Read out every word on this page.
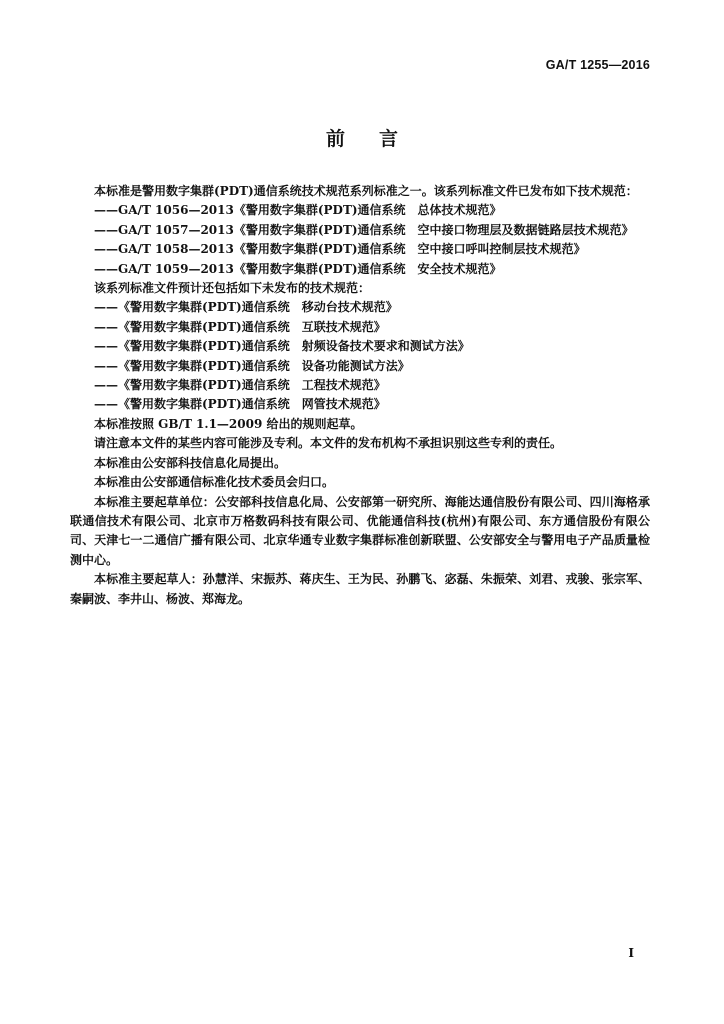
GA/T 1255—2016
前言

本标准是警用数字集群(PDT)通信系统技术规范系列标准之一。该系列标准文件已发布如下技术规范：

——GA/T 1056—2013《警用数字集群(PDT)通信系统　总体技术规范》

——GA/T 1057—2013《警用数字集群(PDT)通信系统　空中接口物理层及数据链路层技术规范》

——GA/T 1058—2013《警用数字集群(PDT)通信系统　空中接口呼叫控制层技术规范》

——GA/T 1059—2013《警用数字集群(PDT)通信系统　安全技术规范》

该系列标准文件预计还包括如下未发布的技术规范：

——《警用数字集群(PDT)通信系统　移动台技术规范》

——《警用数字集群(PDT)通信系统　互联技术规范》

——《警用数字集群(PDT)通信系统　射频设备技术要求和测试方法》

——《警用数字集群(PDT)通信系统　设备功能测试方法》

——《警用数字集群(PDT)通信系统　工程技术规范》

——《警用数字集群(PDT)通信系统　网管技术规范》

本标准按照 GB/T 1.1—2009 给出的规则起草。

请注意本文件的某些内容可能涉及专利。本文件的发布机构不承担识别这些专利的责任。

本标准由公安部科技信息化局提出。

本标准由公安部通信标准化技术委员会归口。

本标准主要起草单位：公安部科技信息化局、公安部第一研究所、海能达通信股份有限公司、四川海格承联通信技术有限公司、北京市万格数码科技有限公司、优能通信科技(杭州)有限公司、东方通信股份有限公司、天津七一二通信广播有限公司、北京华通专业数字集群标准创新联盟、公安部安全与警用电子产品质量检测中心。

本标准主要起草人：孙慧洋、宋振苏、蒋庆生、王为民、孙鹏飞、宓磊、朱振荣、刘君、戎骏、张宗军、秦嗣波、李井山、杨波、郑海龙。

I
